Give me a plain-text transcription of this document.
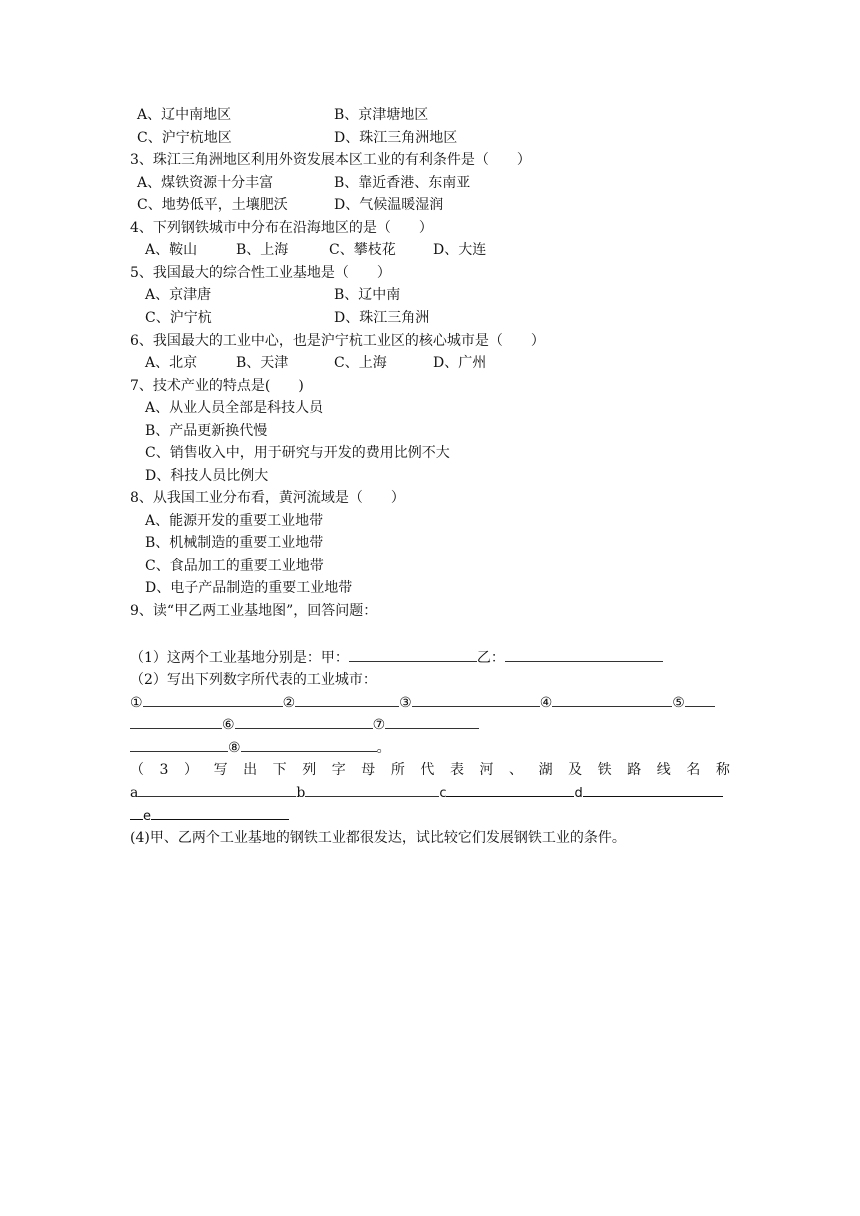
A、辽中南地区	B、京津塘地区
C、沪宁杭地区	D、珠江三角洲地区
3、珠江三角洲地区利用外资发展本区工业的有利条件是（　　）
A、煤铁资源十分丰富	B、靠近香港、东南亚
C、地势低平，土壤肥沃	D、气候温暖湿润
4、下列钢铁城市中分布在沿海地区的是（　　）
A、鞍山	B、上海	C、攀枝花	D、大连
5、我国最大的综合性工业基地是（　　）
A、京津唐	B、辽中南
C、沪宁杭	D、珠江三角洲
6、我国最大的工业中心，也是沪宁杭工业区的核心城市是（　　）
A、北京	B、天津	C、上海	D、广州
7、技术产业的特点是(　　)
A、从业人员全部是科技人员
B、产品更新换代慢
C、销售收入中，用于研究与开发的费用比例不大
D、科技人员比例大
8、从我国工业分布看，黄河流域是（　　）
A、能源开发的重要工业地带
B、机械制造的重要工业地带
C、食品加工的重要工业地带
D、电子产品制造的重要工业地带
9、读“甲乙两工业基地图”，回答问题：
（1）这两个工业基地分别是：甲：	乙：
（2）写出下列数字所代表的工业城市：
①	②	③	④	⑤
⑥	⑦
⑧	。
（ 3 ） 写 出 下 列 字 母 所 代 表 河 、 湖 及 铁 路 线 名 称
a	b	c	d
e
(4)甲、乙两个工业基地的钢铁工业都很发达，试比较它们发展钢铁工业的条件。
